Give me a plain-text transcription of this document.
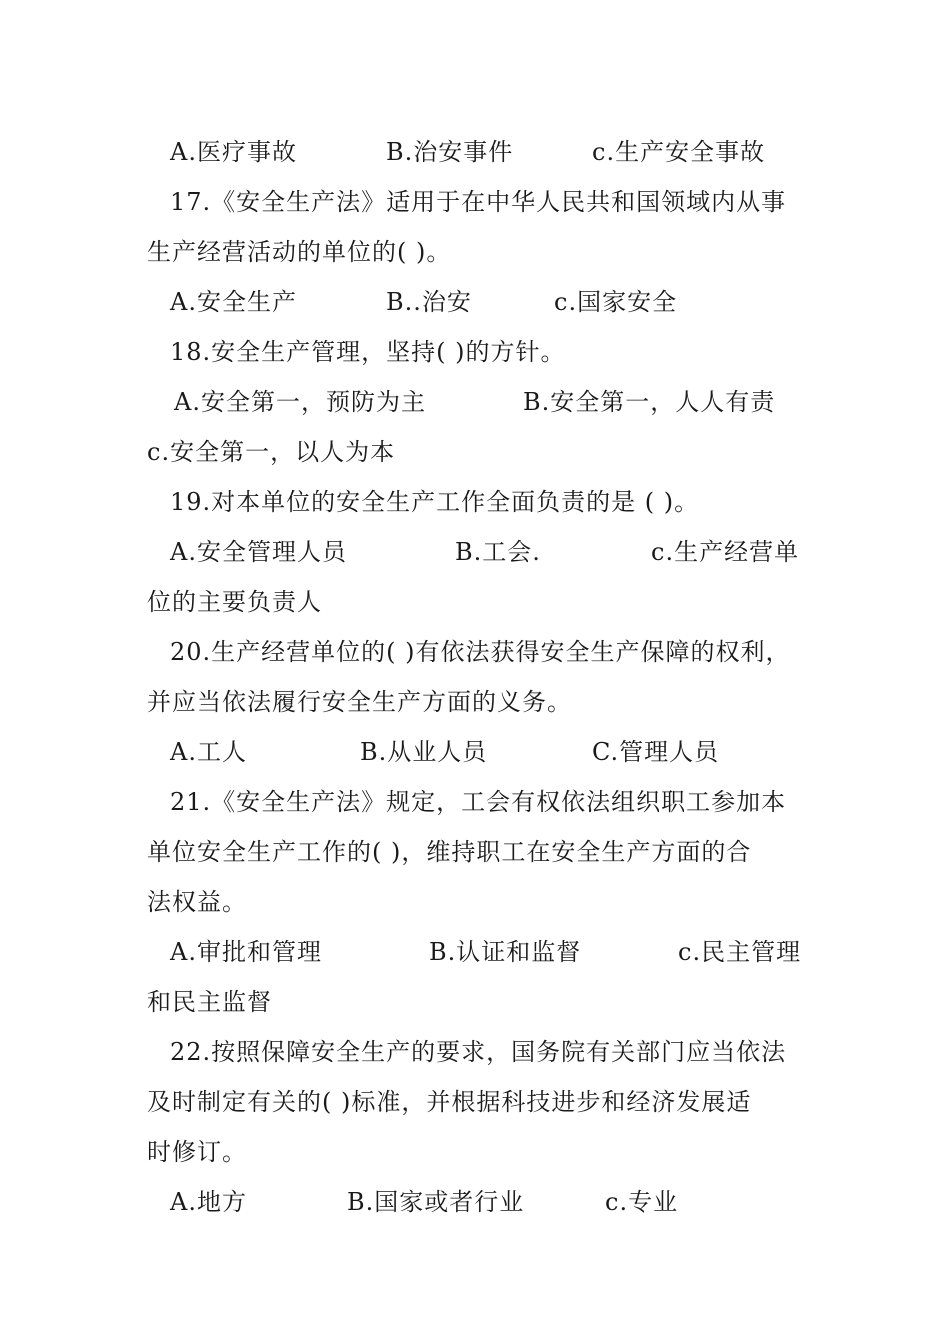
A.医疗事故	B.治安事件	c.生产安全事故
17.《安全生产法》适用于在中华人民共和国领域内从事
生产经营活动的单位的( )。
A.安全生产	B..治安	c.国家安全
18.安全生产管理，坚持( )的方针。
A.安全第一，预防为主	B.安全第一，人人有责
c.安全第一，以人为本
19.对本单位的安全生产工作全面负责的是 ( )。
A.安全管理人员	B.工会.	c.生产经营单
位的主要负责人
20.生产经营单位的( )有依法获得安全生产保障的权利，
并应当依法履行安全生产方面的义务。
A.工人	B.从业人员	C.管理人员
21.《安全生产法》规定，工会有权依法组织职工参加本
单位安全生产工作的( )，维持职工在安全生产方面的合
法权益。
A.审批和管理	B.认证和监督	c.民主管理
和民主监督
22.按照保障安全生产的要求，国务院有关部门应当依法
及时制定有关的( )标准，并根据科技进步和经济发展适
时修订。
A.地方	B.国家或者行业	c.专业
